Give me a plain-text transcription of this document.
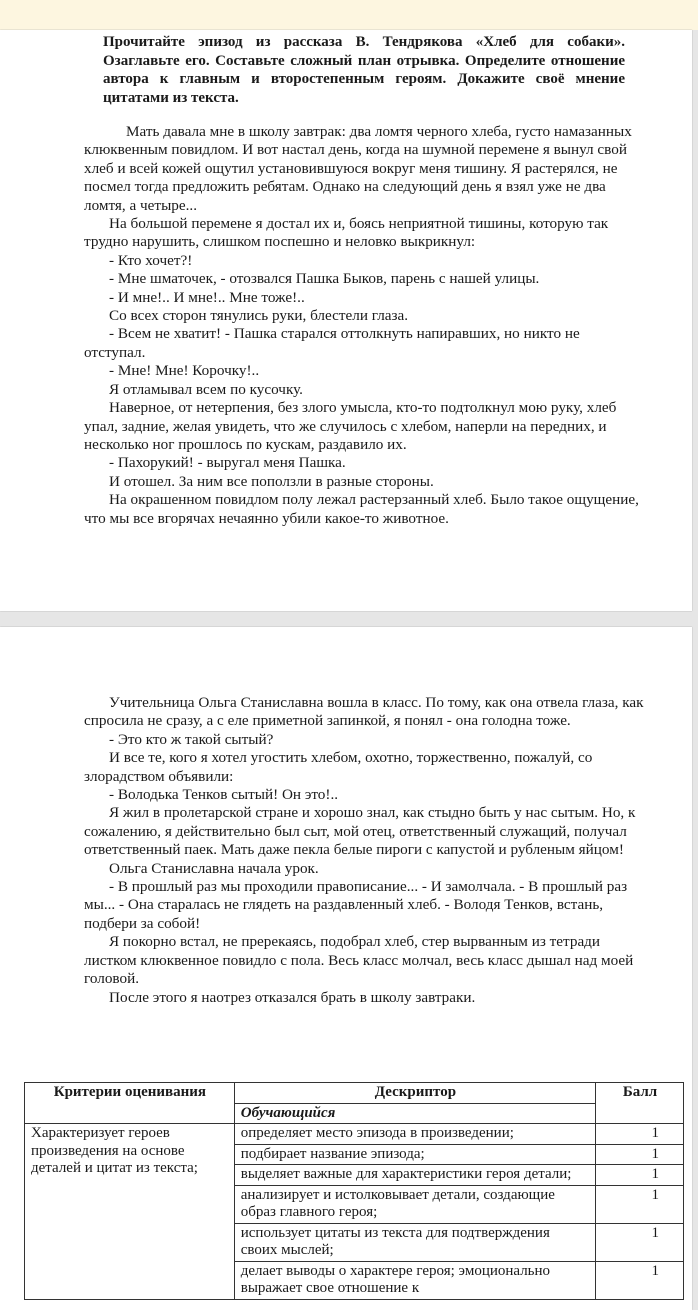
Прочитайте эпизод из рассказа В. Тендрякова «Хлеб для собаки». Озаглавьте его. Составьте сложный план отрывка. Определите отношение автора к главным и второстепенным героям. Докажите своё мнение цитатами из текста.

Мать давала мне в школу завтрак: два ломтя черного хлеба, густо намазанных клюквенным повидлом. И вот настал день, когда на шумной перемене я вынул свой хлеб и всей кожей ощутил установившуюся вокруг меня тишину. Я растерялся, не посмел тогда предложить ребятам. Однако на следующий день я взял уже не два ломтя, а четыре...

На большой перемене я достал их и, боясь неприятной тишины, которую так трудно нарушить, слишком поспешно и неловко выкрикнул:

- Кто хочет?!

- Мне шматочек, - отозвался Пашка Быков, парень с нашей улицы.

- И мне!.. И мне!.. Мне тоже!..

Со всех сторон тянулись руки, блестели глаза.

- Всем не хватит! - Пашка старался оттолкнуть напиравших, но никто не отступал.

- Мне! Мне! Корочку!..

Я отламывал всем по кусочку.

Наверное, от нетерпения, без злого умысла, кто-то подтолкнул мою руку, хлеб упал, задние, желая увидеть, что же случилось с хлебом, наперли на передних, и несколько ног прошлось по кускам, раздавило их.

- Пахорукий! - выругал меня Пашка.

И отошел. За ним все поползли в разные стороны.

На окрашенном повидлом полу лежал растерзанный хлеб. Было такое ощущение, что мы все вгорячах нечаянно убили какое-то животное.

Учительница Ольга Станиславна вошла в класс. По тому, как она отвела глаза, как спросила не сразу, а с еле приметной запинкой, я понял - она голодна тоже.

- Это кто ж такой сытый?

И все те, кого я хотел угостить хлебом, охотно, торжественно, пожалуй, со злорадством объявили:

- Володька Тенков сытый! Он это!..

Я жил в пролетарской стране и хорошо знал, как стыдно быть у нас сытым. Но, к сожалению, я действительно был сыт, мой отец, ответственный служащий, получал ответственный паек. Мать даже пекла белые пироги с капустой и рубленым яйцом!

Ольга Станиславна начала урок.

- В прошлый раз мы проходили правописание... - И замолчала. - В прошлый раз мы... - Она старалась не глядеть на раздавленный хлеб. - Володя Тенков, встань, подбери за собой!

Я покорно встал, не пререкаясь, подобрал хлеб, стер вырванным из тетради листком клюквенное повидло с пола. Весь класс молчал, весь класс дышал над моей головой.

После этого я наотрез отказался брать в школу завтраки.

Критерии оценивания	Дескриптор	Балл
	Обучающийся	
Характеризует героев произведения на основе деталей и цитат из текста;	определяет место эпизода в произведении;	1
	подбирает название эпизода;	1
	выделяет важные для характеристики героя детали;	1
	анализирует и истолковывает детали, создающие образ главного героя;	1
	использует цитаты из текста для подтверждения своих мыслей;	1
	делает выводы о характере героя; эмоционально выражает свое отношение к	1
